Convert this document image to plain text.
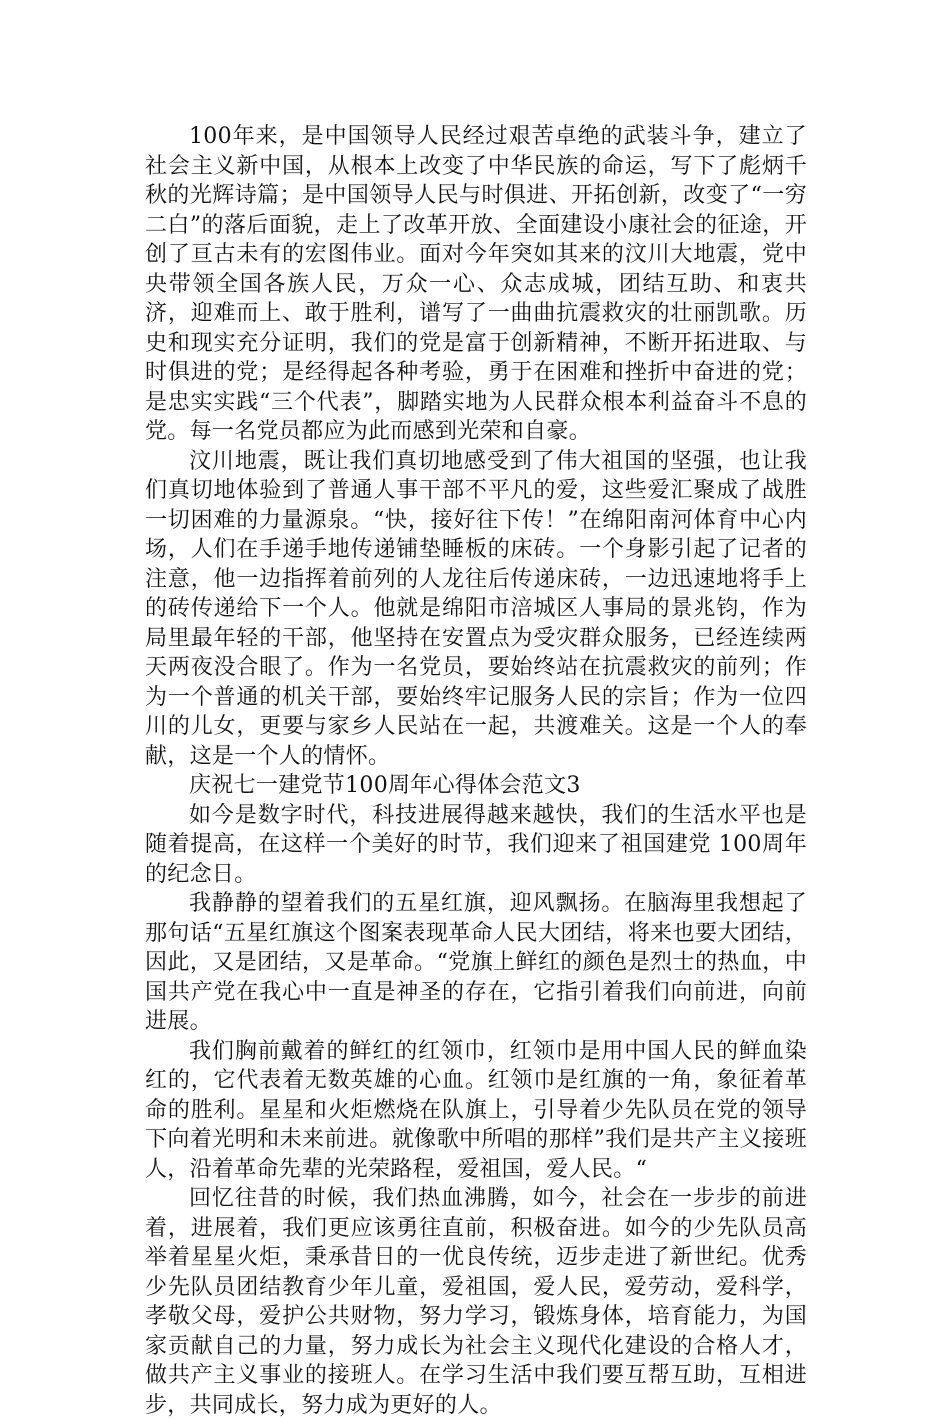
100年来，是中国领导人民经过艰苦卓绝的武装斗争，建立了社会主义新中国，从根本上改变了中华民族的命运，写下了彪炳千秋的光辉诗篇；是中国领导人民与时俱进、开拓创新，改变了“一穷二白”的落后面貌，走上了改革开放、全面建设小康社会的征途，开创了亘古未有的宏图伟业。面对今年突如其来的汶川大地震，党中央带领全国各族人民，万众一心、众志成城，团结互助、和衷共济，迎难而上、敢于胜利，谱写了一曲曲抗震救灾的壮丽凯歌。历史和现实充分证明，我们的党是富于创新精神，不断开拓进取、与时俱进的党；是经得起各种考验，勇于在困难和挫折中奋进的党；是忠实实践“三个代表”，脚踏实地为人民群众根本利益奋斗不息的党。每一名党员都应为此而感到光荣和自豪。

汶川地震，既让我们真切地感受到了伟大祖国的坚强，也让我们真切地体验到了普通人事干部不平凡的爱，这些爱汇聚成了战胜一切困难的力量源泉。“快，接好往下传！”在绵阳南河体育中心内场，人们在手递手地传递铺垫睡板的床砖。一个身影引起了记者的注意，他一边指挥着前列的人龙往后传递床砖，一边迅速地将手上的砖传递给下一个人。他就是绵阳市涪城区人事局的景兆钧，作为局里最年轻的干部，他坚持在安置点为受灾群众服务，已经连续两天两夜没合眼了。作为一名党员，要始终站在抗震救灾的前列；作为一个普通的机关干部，要始终牢记服务人民的宗旨；作为一位四川的儿女，更要与家乡人民站在一起，共渡难关。这是一个人的奉献，这是一个人的情怀。

庆祝七一建党节100周年心得体会范文3

如今是数字时代，科技进展得越来越快，我们的生活水平也是随着提高，在这样一个美好的时节，我们迎来了祖国建党 100周年的纪念日。

我静静的望着我们的五星红旗，迎风飘扬。在脑海里我想起了那句话“五星红旗这个图案表现革命人民大团结，将来也要大团结，因此，又是团结，又是革命。“党旗上鲜红的颜色是烈士的热血，中国共产党在我心中一直是神圣的存在，它指引着我们向前进，向前进展。

我们胸前戴着的鲜红的红领巾，红领巾是用中国人民的鲜血染红的，它代表着无数英雄的心血。红领巾是红旗的一角，象征着革命的胜利。星星和火炬燃烧在队旗上，引导着少先队员在党的领导下向着光明和未来前进。就像歌中所唱的那样”我们是共产主义接班人，沿着革命先辈的光荣路程，爱祖国，爱人民。“

回忆往昔的时候，我们热血沸腾，如今，社会在一步步的前进着，进展着，我们更应该勇往直前，积极奋进。如今的少先队员高举着星星火炬，秉承昔日的一优良传统，迈步走进了新世纪。优秀少先队员团结教育少年儿童，爱祖国，爱人民，爱劳动，爱科学，孝敬父母，爱护公共财物，努力学习，锻炼身体，培育能力，为国家贡献自己的力量，努力成长为社会主义现代化建设的合格人才，做共产主义事业的接班人。在学习生活中我们要互帮互助，互相进步，共同成长，努力成为更好的人。
